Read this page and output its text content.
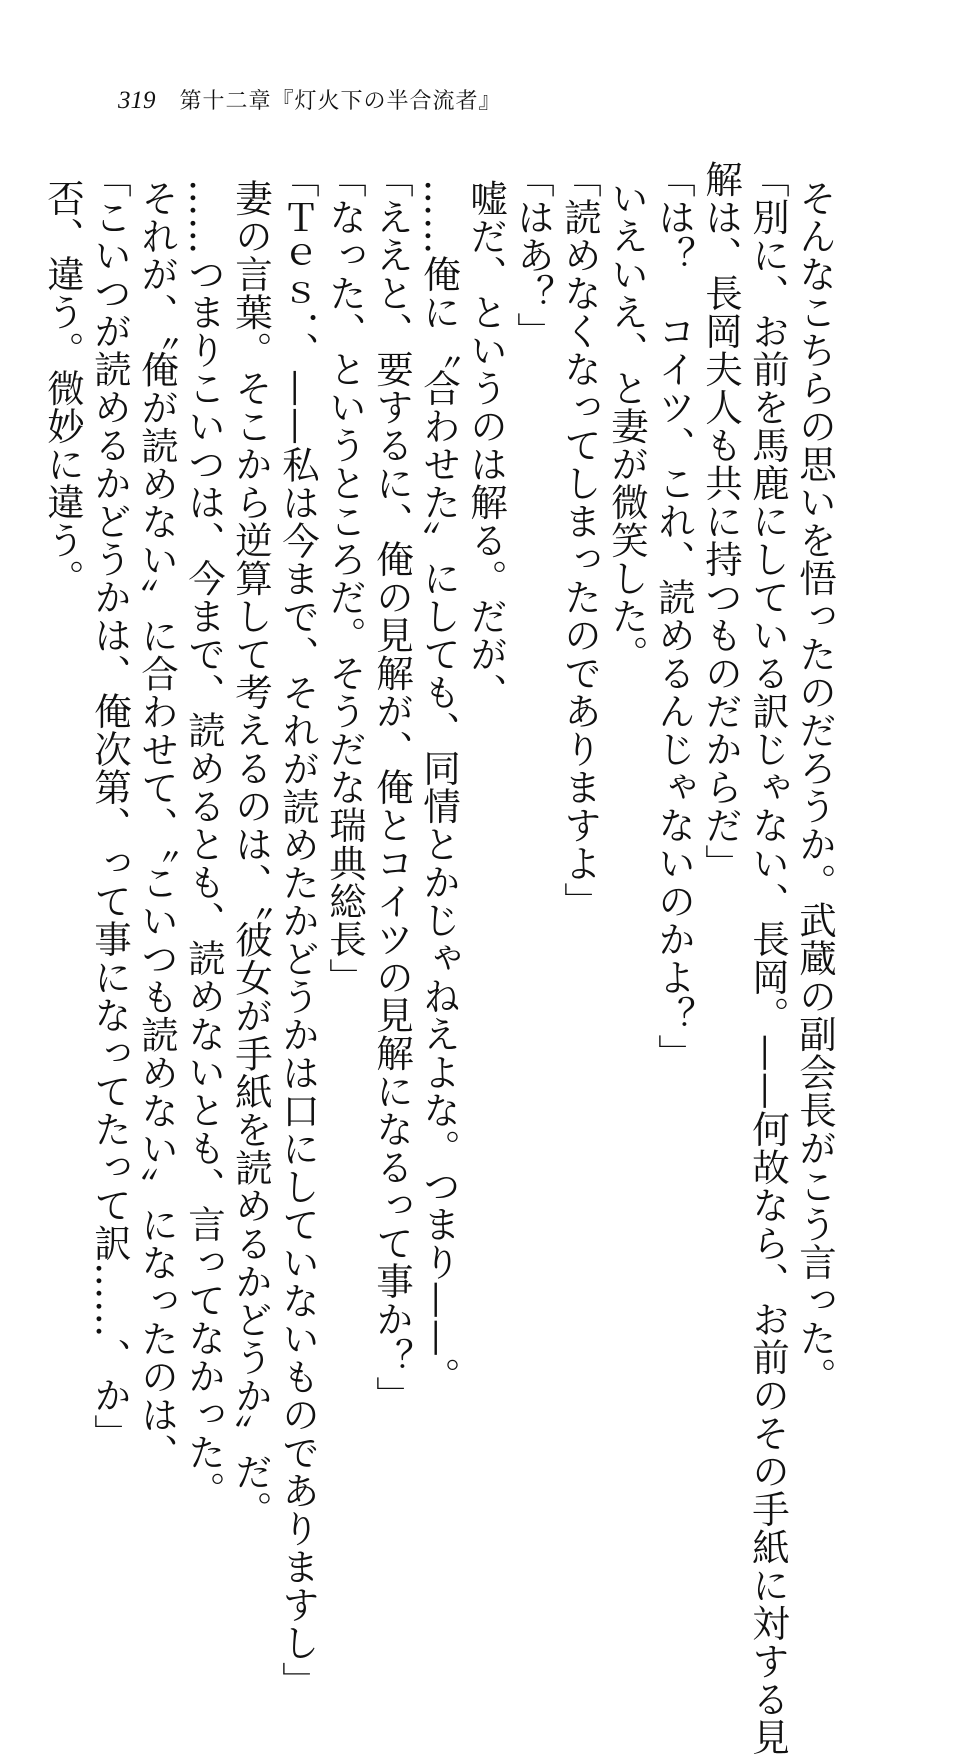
319 第十二章『灯火下の半合流者』
そんなこちらの思いを悟ったのだろうか。武蔵の副会長がこう言った。
「別に、お前を馬鹿にしている訳じゃない、長岡。——何故なら、お前のその手紙に対する見
解は、長岡夫人も共に持つものだからだ」
「は？　コイツ、これ、読めるんじゃないのかよ？」
いえいえ、と妻が微笑した。
「読めなくなってしまったのでありますよ」
「はあ？」
嘘だ、というのは解る。だが、
……俺に〝合わせた〟にしても、同情とかじゃねえよな。つまり——。
「ええと、要するに、俺の見解が、俺とコイツの見解になるって事か？」
「なった、というところだ。そうだな瑞典総長」
「Ｔｅｓ．、——私は今まで、それが読めたかどうかは口にしていないものでありますし」
妻の言葉。そこから逆算して考えるのは、〝彼女が手紙を読めるかどうか〟だ。
……つまりこいつは、今まで、読めるとも、読めないとも、言ってなかった。
それが、〝俺が読めない〟に合わせて、〝こいつも読めない〟になったのは、
「こいつが読めるかどうかは、俺次第、って事になってたって訳……、か」
否、違う。微妙に違う。
